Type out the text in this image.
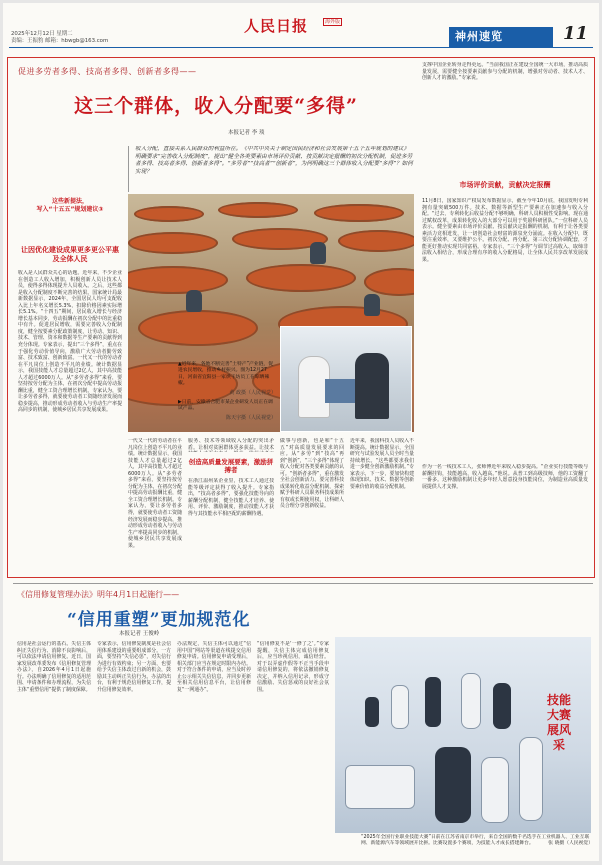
2025年12月12日 星期二
责编：王振豹 邮箱：hbwgb@163.com
人民日报	海外版
神州速览	11
促进多劳者多得、技高者多得、创新者多得——
这三个群体，收入分配要“多得”
本报记者 李 琰
收入分配，直接关系人民群众的利益所在。《中共中央关于制定国民经济和社会发展第十五个五年规划的建议》明确要求“完善收入分配制度”，提出“健全各类要素由市场评价贡献、按贡献决定报酬的初次分配机制，促进多劳者多得、技高者多得、创新者多得”。“多劳者”“技高者”“创新者”，为何明确这三个群体收入分配要“多得”？如何实现？
这些新提法，
写入“十五五”规划建议③
▲近年来，各地不断完善“土特产”产业链，促进农民增收，推动乡村振兴。图为12月27日，河南省宜阳县一家烘干坊员工在晾晒辣椒。
黄 政摄（人民视觉）
▶日前，安徽省合肥市某企业研发人员正在调试产品。
陈天宇摄（人民视觉）
让因优化建设成果更多更公平惠及全体人民
收入是人民群众关心的话题。近年来，不少企业在创造工人收入增加，积极创新人员让技术人员，使得多得体现提升人员收入。之后，这些都是收入分配制度不断完善的结果。国家统计局最新数据显示，2024年，全国居民人均可支配收入比上年名义增长5.3%，扣除价格因素实际增长5.1%。“十四五”期间，居民收入增长与经济增长基本同步，劳动报酬在初次分配中的比重稳中有升。促进居民增收，需要完善收入分配制度，健全按要素分配政策制度，让劳动、知识、技术、管理、资本和数据等生产要素的贡献得到充分体现。专家表示，提出“三个多得”，重点在于强化劳动价值导向，激励广大劳动者勤劳致富、技术致富、创新致富。一代又一代的劳动者在平凡岗位上创造不平凡的业绩。统计数据显示，我国技能人才总量超过2亿人，其中高技能人才超过6000万人。从“多劳者多得”来看，要坚持按劳分配为主体，在初次分配中提高劳动报酬比重，健全工资合理增长机制。专家认为，要让多劳者多得，就要使劳动者工资随经济发展而稳步提高，推动形成劳动者收入与劳动生产率提高同步的机制，使城乡居民共享发展成果。
一代又一代的劳动者在平凡岗位上创造不平凡的业绩。统计数据显示，我国技能人才总量超过2亿人，其中高技能人才超过6000万人。从“多劳者多得”来看，要坚持按劳分配为主体，在初次分配中提高劳动报酬比重，健全工资合理增长机制。专家认为，要让多劳者多得，就要使劳动者工资随经济发展而稳步提高，推动形成劳动者收入与劳动生产率提高同步的机制，使城乡居民共享发展成果。
服务、技术等领域收入分配的突出矛盾。让相对贫困群体更多获益。让技术
创造高质量发展要素，激励拼搏者
在浙江温州某企业里，技术工人通过技能等级评定获得了收入提升。专家指出，“技高者多得”，要强化技能导向的薪酬分配机制，健全技能人才培养、使用、评价、激励制度，推动技能人才获得与其技能水平相匹配的薪酬待遇。
做事与创新，也是和“十五五”对高质量发展要求的回应。从“多劳”到“技高”再到“创新”，“三个多得”体现了收入分配对各类要素贡献的认可。“创新者多得”，重在激发全社会创新活力。要完善科技成果转化收益分配机制，探索赋予科研人员职务科技成果所有权或长期使用权，让科研人员合理分享创新收益。
近年来，我国科技人员收入不断提高。统计数据显示，全国研究与试验发展人员全时当量持续增长。“这些都要求我们进一步健全创新激励机制。”专家表示，下一步，要加快构建体现知识、技术、数据等创新要素价值的收益分配机制。
支撑中国企业转身走得更远。“当前我国正在建设全国统一大市场，推动高质量发展，需要健全按要素贡献参与分配的机制，增强对劳动者、技术人才、创新人才的激励。”专家说。
市场评价贡献，贡献决定报酬
11月8日，国家知识产权局发布数据显示，截至今年10月底，我国发明专利拥有量突破500万件。技术、数据等新型生产要素正在加速参与收入分配。“过去，专利转化后收益分配不够明确，科研人员积极性受影响。现在通过赋权改革，成果转化收入的大部分可以用于奖励科研团队。”一位科研人员表示。健全要素由市场评价贡献、按贡献决定报酬的机制，有利于让各类要素活力竞相迸发，让一切创造社会财富的源泉充分涌流。在收入分配中，既要注重效率，又要维护公平。初次分配、再分配、第三次分配协调配套，才能更好推动实现共同富裕。专家表示，“三个多得”与调节过高收入、取缔非法收入相结合，形成合理有序的收入分配格局，让全体人民共享改革发展成果。
作为一名一线技术工人，张师傅近年来收入稳步提高。“企业实行技能等级与薪酬挂钩，技能越高，收入越高。”他说。从普工到高级技师，他的工资翻了一番多。这种激励机制让更多年轻人愿意投身技能岗位，为制造业高质量发展提供人才支撑。
《信用修复管理办法》明年4月1日起施行——
“信用重塑”更加规范化
本报记者 王俊岭
信用是社会运行的基石。失信主体纠正失信行为、消除不良影响后，可以依法申请信用修复。近日，国家发展改革委发布《信用修复管理办法》，自2026年4月1日起施行。办法明确了信用修复的适用范围、申请条件和办理流程，为失信主体“重塑信用”提供了制度保障。
专家表示，信用修复制度是社会信用体系建设的重要组成部分。一方面，要坚持“失信必惩”，对失信行为进行有效约束；另一方面，也要给予失信主体改过自新的机会，鼓励其主动纠正失信行为。办法的出台，有利于规范信用修复工作，提升信用修复效率。
办法规定，失信主体可以通过“信用中国”网站等渠道在线提交信用修复申请。信用修复申请受理后，相关部门应当在规定时限内办结。对于符合条件的申请，应当及时停止公示相关失信信息，并同步更新至相关信用信息平台，让信用修复“一网通办”。
“信用修复不是‘一修了之’。”专家提醒，失信主体完成信用修复后，应当珍视信用，诚信经营。对于以弄虚作假等不正当手段申请信用修复的，将依法撤销修复决定，并纳入信用记录，形成守信激励、失信惩戒的良好社会氛围。
技能大赛展风采
“2025年全国行业职业技能大赛”日前在江苏省南京市举行，来自全国的数千名选手在工业机器人、工业互联网、新能源汽车等领域展开比拼。比赛设置多个赛项，为技能人才成长搭建舞台。	张 晓摄（人民视觉）
